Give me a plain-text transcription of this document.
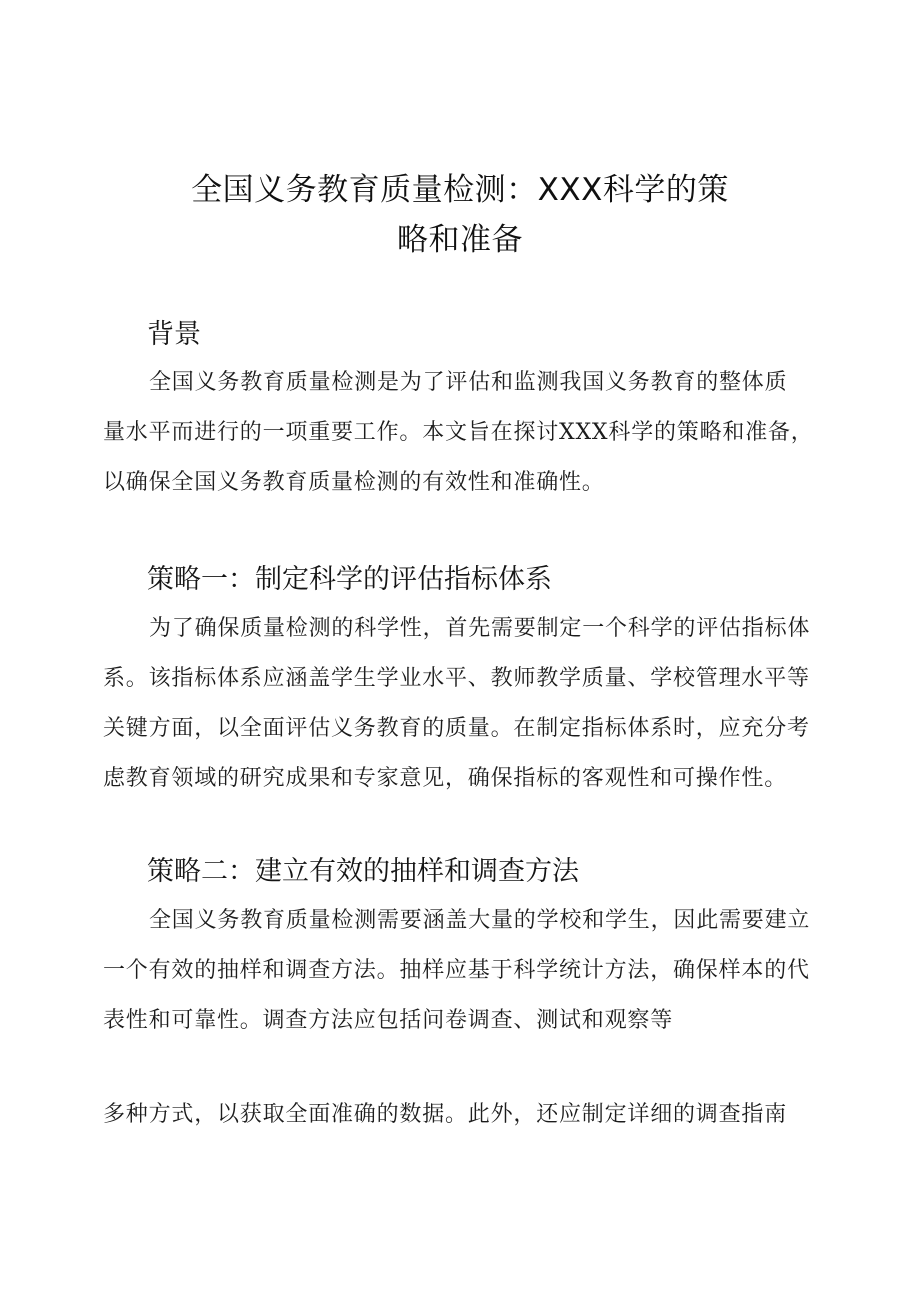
全国义务教育质量检测：XXX科学的策
略和准备
背景
全国义务教育质量检测是为了评估和监测我国义务教育的整体质
量水平而进行的一项重要工作。本文旨在探讨XXX科学的策略和准备，
以确保全国义务教育质量检测的有效性和准确性。
策略一：制定科学的评估指标体系
为了确保质量检测的科学性，首先需要制定一个科学的评估指标体
系。该指标体系应涵盖学生学业水平、教师教学质量、学校管理水平等
关键方面，以全面评估义务教育的质量。在制定指标体系时，应充分考
虑教育领域的研究成果和专家意见，确保指标的客观性和可操作性。
策略二：建立有效的抽样和调查方法
全国义务教育质量检测需要涵盖大量的学校和学生，因此需要建立
一个有效的抽样和调查方法。抽样应基于科学统计方法，确保样本的代
表性和可靠性。调查方法应包括问卷调查、测试和观察等
多种方式，以获取全面准确的数据。此外，还应制定详细的调查指南
